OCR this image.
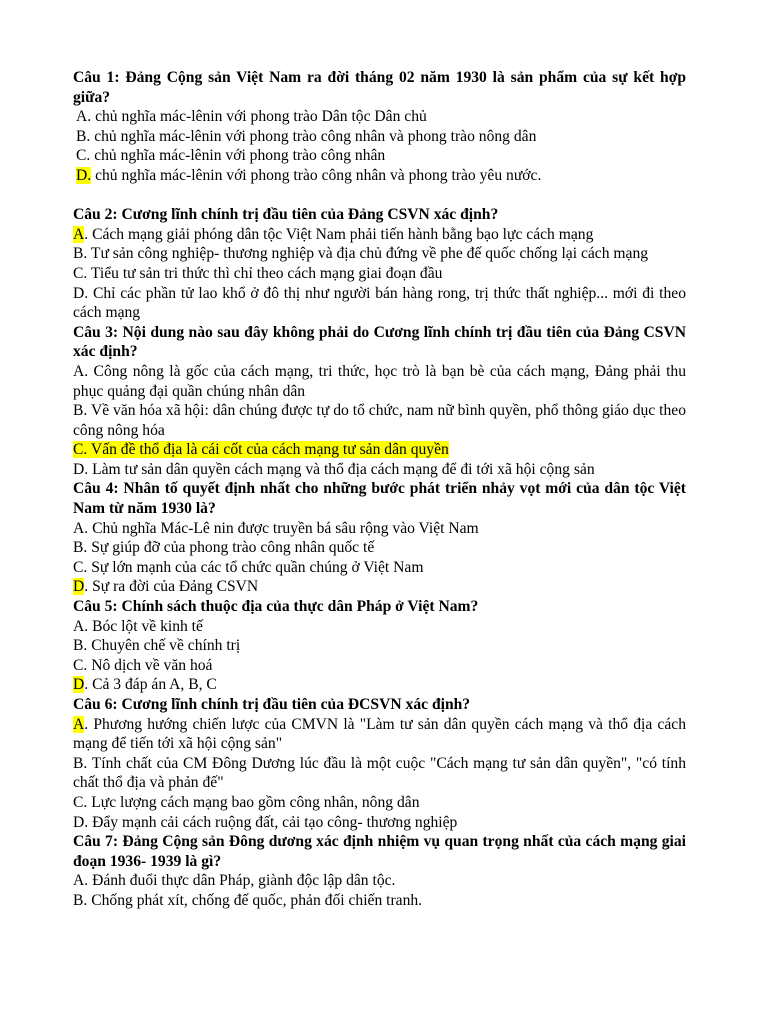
Câu 1: Đảng Cộng sản Việt Nam ra đời tháng 02 năm 1930 là sản phẩm của sự kết hợp giữa?

A. chủ nghĩa mác-lênin với phong trào Dân tộc Dân chủ

B. chủ nghĩa mác-lênin với phong trào công nhân và phong trào nông dân

C. chủ nghĩa mác-lênin với phong trào công nhân

D. chủ nghĩa mác-lênin với phong trào công nhân và phong trào yêu nước.

Câu 2: Cương lĩnh chính trị đầu tiên của Đảng CSVN xác định?

A. Cách mạng giải phóng dân tộc Việt Nam phải tiến hành bằng bạo lực cách mạng

B. Tư sản công nghiệp- thương nghiệp và địa chủ đứng về phe đế quốc chống lại cách mạng

C. Tiểu tư sản tri thức thì chỉ theo cách mạng giai đoạn đầu

D. Chỉ các phần tử lao khổ ở đô thị như người bán hàng rong, trị thức thất nghiệp... mới đi theo cách mạng

Câu 3: Nội dung nào sau đây không phải do Cương lĩnh chính trị đầu tiên của Đảng CSVN xác định?

A. Công nông là gốc của cách mạng, tri thức, học trò là bạn bè của cách mạng, Đảng phải thu phục quảng đại quần chúng nhân dân

B. Về văn hóa xã hội: dân chúng được tự do tổ chức, nam nữ bình quyền, phổ thông giáo dục theo công nông hóa

C. Vấn đề thổ địa là cái cốt của cách mạng tư sản dân quyền

D. Làm tư sản dân quyền cách mạng và thổ địa cách mạng để đi tới xã hội cộng sản

Câu 4: Nhân tố quyết định nhất cho những bước phát triển nhảy vọt mới của dân tộc Việt Nam từ năm 1930 là?

A. Chủ nghĩa Mác-Lê nin được truyền bá sâu rộng vào Việt Nam

B. Sự giúp đỡ của phong trào công nhân quốc tế

C. Sự lớn mạnh của các tổ chức quần chúng ở Việt Nam

D. Sự ra đời của Đảng CSVN

Câu 5: Chính sách thuộc địa của thực dân Pháp ở Việt Nam?

A. Bóc lột về kinh tế

B. Chuyên chế về chính trị

C. Nô dịch về văn hoá

D. Cả 3 đáp án A, B, C

Câu 6: Cương lĩnh chính trị đầu tiên của ĐCSVN xác định?

A. Phương hướng chiến lược của CMVN là "Làm tư sản dân quyền cách mạng và thổ địa cách mạng để tiến tới xã hội cộng sản"

B. Tính chất của CM Đông Dương lúc đầu là một cuộc "Cách mạng tư sản dân quyền", "có tính chất thổ địa và phản đế"

C. Lực lượng cách mạng bao gồm công nhân, nông dân

D. Đẩy mạnh cải cách ruộng đất, cải tạo công- thương nghiệp

Câu 7: Đảng Cộng sản Đông dương xác định nhiệm vụ quan trọng nhất của cách mạng giai đoạn 1936- 1939 là gì?

A. Đánh đuổi thực dân Pháp, giành độc lập dân tộc.

B. Chống phát xít, chống đế quốc, phản đối chiến tranh.
